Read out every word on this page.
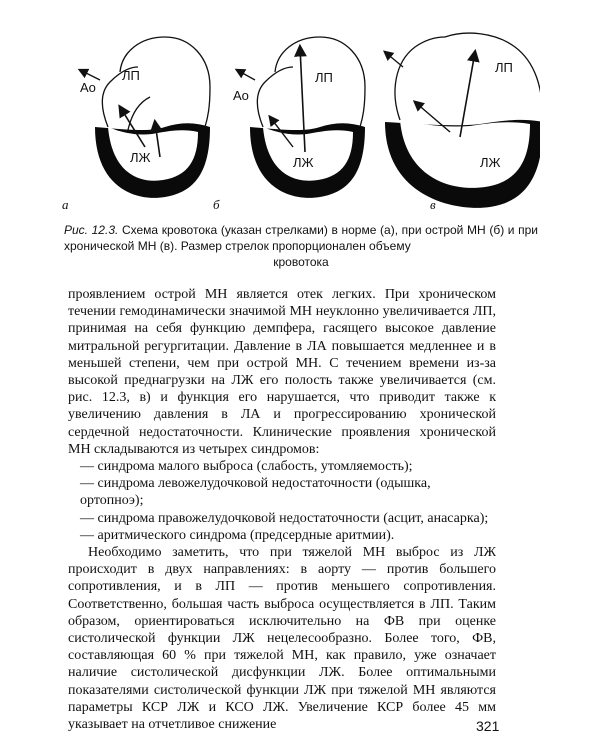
ЛП
Ао
ЛЖ
а
ЛП
Ао
ЛЖ
б
ЛП
ЛЖ
в
Рис. 12.3. Схема кровотока (указан стрелками) в норме (а), при острой МН (б) и при хронической МН (в). Размер стрелок пропорционален объему
кровотока

проявлением острой МН является отек легких. При хроническом течении гемодинамически значимой МН неуклонно увеличивается ЛП, принимая на себя функцию демпфера, гасящего высокое давление митральной регургитации. Давление в ЛА повышается медленнее и в меньшей степени, чем при острой МН. С течением времени из-за высокой преднагрузки на ЛЖ его полость также увеличивается (см. рис. 12.3, в) и функция его нарушается, что приводит также к увеличению давления в ЛА и прогрессированию хронической сердечной недостаточности. Клинические проявления хронической МН складываются из четырех синдромов:

— синдрома малого выброса (слабость, утомляемость);

— синдрома левожелудочковой недостаточности (одышка, ортопноэ);

— синдрома правожелудочковой недостаточности (асцит, анасарка);

— аритмического синдрома (предсердные аритмии).

Необходимо заметить, что при тяжелой МН выброс из ЛЖ происходит в двух направлениях: в аорту — против большего сопротивления, и в ЛП — против меньшего сопротивления. Соответственно, большая часть выброса осуществляется в ЛП. Таким образом, ориентироваться исключительно на ФВ при оценке систолической функции ЛЖ нецелесообразно. Более того, ФВ, составляющая 60 % при тяжелой МН, как правило, уже означает наличие систолической дисфункции ЛЖ. Более оптимальными показателями систолической функции ЛЖ при тяжелой МН являются параметры КСР ЛЖ и КСО ЛЖ. Увеличение КСР более 45 мм указывает на отчетливое снижение	321
